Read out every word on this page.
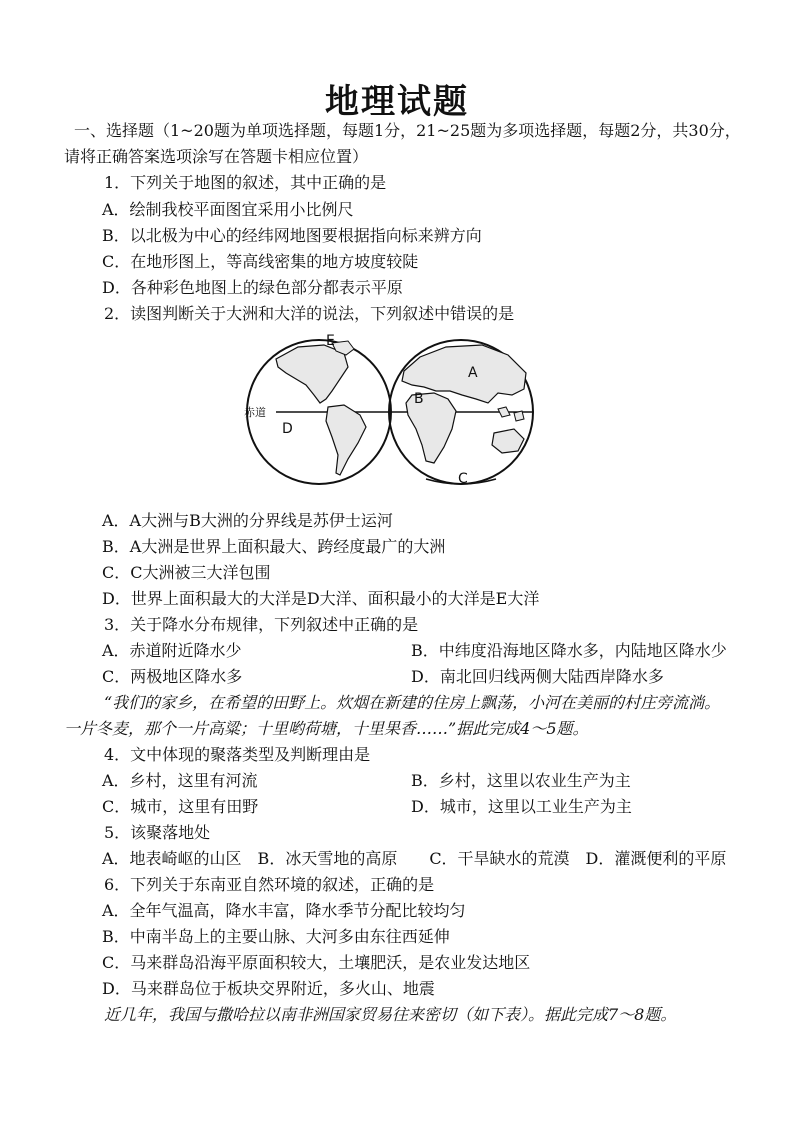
地理试题
一、选择题（1~20题为单项选择题，每题1分，21~25题为多项选择题，每题2分，共30分，
请将正确答案选项涂写在答题卡相应位置）
1．下列关于地图的叙述，其中正确的是
A．绘制我校平面图宜采用小比例尺
B．以北极为中心的经纬网地图要根据指向标来辨方向
C．在地形图上，等高线密集的地方坡度较陡
D．各种彩色地图上的绿色部分都表示平原
2．读图判断关于大洲和大洋的说法，下列叙述中错误的是
赤道
E
D
A
B
C
A．A大洲与B大洲的分界线是苏伊士运河
B．A大洲是世界上面积最大、跨经度最广的大洲
C．C大洲被三大洋包围
D．世界上面积最大的大洋是D大洋、面积最小的大洋是E大洋
3．关于降水分布规律，下列叙述中正确的是
A．赤道附近降水少	B．中纬度沿海地区降水多，内陆地区降水少
C．两极地区降水多	D．南北回归线两侧大陆西岸降水多
“我们的家乡，在希望的田野上。炊烟在新建的住房上飘荡，小河在美丽的村庄旁流淌。
一片冬麦，那个一片高粱；十里哟荷塘，十里果香……”据此完成4～5题。
4．文中体现的聚落类型及判断理由是
A．乡村，这里有河流	B．乡村，这里以农业生产为主
C．城市，这里有田野	D．城市，这里以工业生产为主
5．该聚落地处
A．地表崎岖的山区　B．冰天雪地的高原　　C．干旱缺水的荒漠　D．灌溉便利的平原
6．下列关于东南亚自然环境的叙述，正确的是
A．全年气温高，降水丰富，降水季节分配比较均匀
B．中南半岛上的主要山脉、大河多由东往西延伸
C．马来群岛沿海平原面积较大，土壤肥沃，是农业发达地区
D．马来群岛位于板块交界附近，多火山、地震
近几年，我国与撒哈拉以南非洲国家贸易往来密切（如下表）。据此完成7～8题。
